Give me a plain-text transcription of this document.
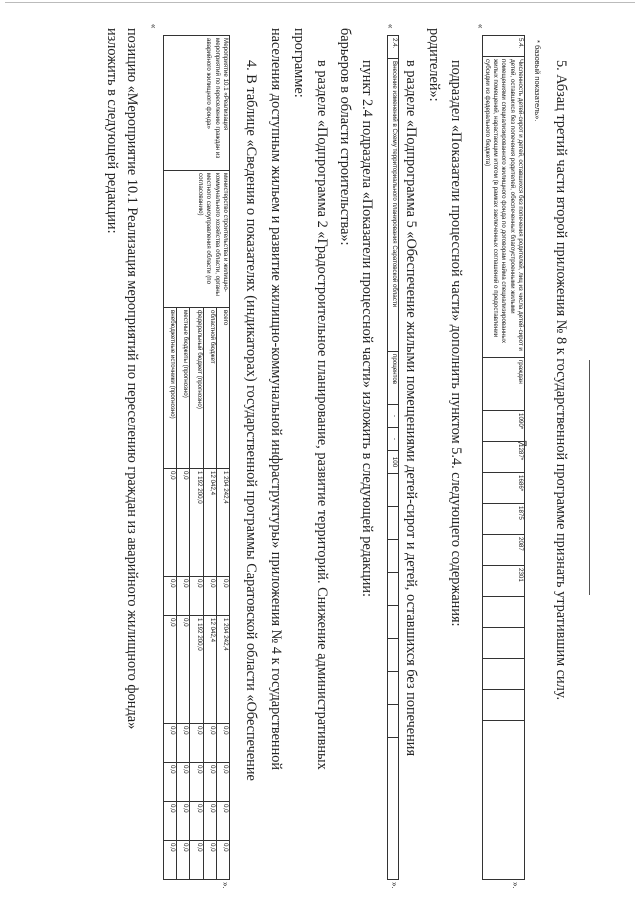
7
позицию «Мероприятие 10.1 Реализация мероприятий по переселению граждан из аварийного жилищного фонда»
изложить в следующей редакции:
«
Мероприятие 10.1 «Реализация мероприятий по переселению граждан из аварийного жилищного фонда»	министерство строительства и жилищно-коммунального хозяйства области, органы местного самоуправления области (по согласованию)	всего	1 204 242,4	0,0	1 204 242,4	0,0	0,0	0,0	0,0
		областной бюджет	12 042,4	0,0	12 042,4	0,0	0,0	0,0	0,0
		федеральный бюджет (прогнозно)	1 192 200,0	0,0	1 192 200,0	0,0	0,0	0,0	0,0
		местные бюджеты (прогнозно)	0,0	0,0	0,0	0,0	0,0	0,0	0,0
		внебюджетные источники (прогнозно)	0,0	0,0	0,0	0,0	0,0	0,0	0,0
».
4. В таблице «Сведения о показателях (индикаторах) государственной программы Саратовской области «Обеспечение населения доступным жильем и развитие жилищно-коммунальной инфраструктуры» приложения № 4 к государственной программе: в разделе «Подпрограмма 2 «Градостроительное планирование, развитие территорий. Снижение административных барьеров в области строительства»: пункт 2.4 подраздела «Показатели процессной части» изложить в следующей редакции:
«
2.4.	Внесение изменений в Схему территориального планирования Саратовской области	процентов	-	-	100									
».
в разделе «Подпрограмма 5 «Обеспечение жилыми помещениями детей-сирот и детей, оставшихся без попечения родителей»: подраздел «Показатели процессной части» дополнить пунктом 5.4. следующего содержания:
«
5.4.	Численность детей-сирот и детей, оставшихся без попечения родителей, лиц из числа детей-сирот и детей, оставшихся без попечения родителей, обеспеченных благоустроенными жилыми помещениями специализированного жилищного фонда по договорам найма специализированных жилых помещений, нарастающим итогом (в рамках заключенных соглашений о предоставлении субсидии из федерального бюджета)	граждан	1090*	1287*	1686*	1875	2087	2301					
».
* базовый показатель». 5. Абзац третий части второй приложения № 8 к государственной программе признать утратившим силу.
